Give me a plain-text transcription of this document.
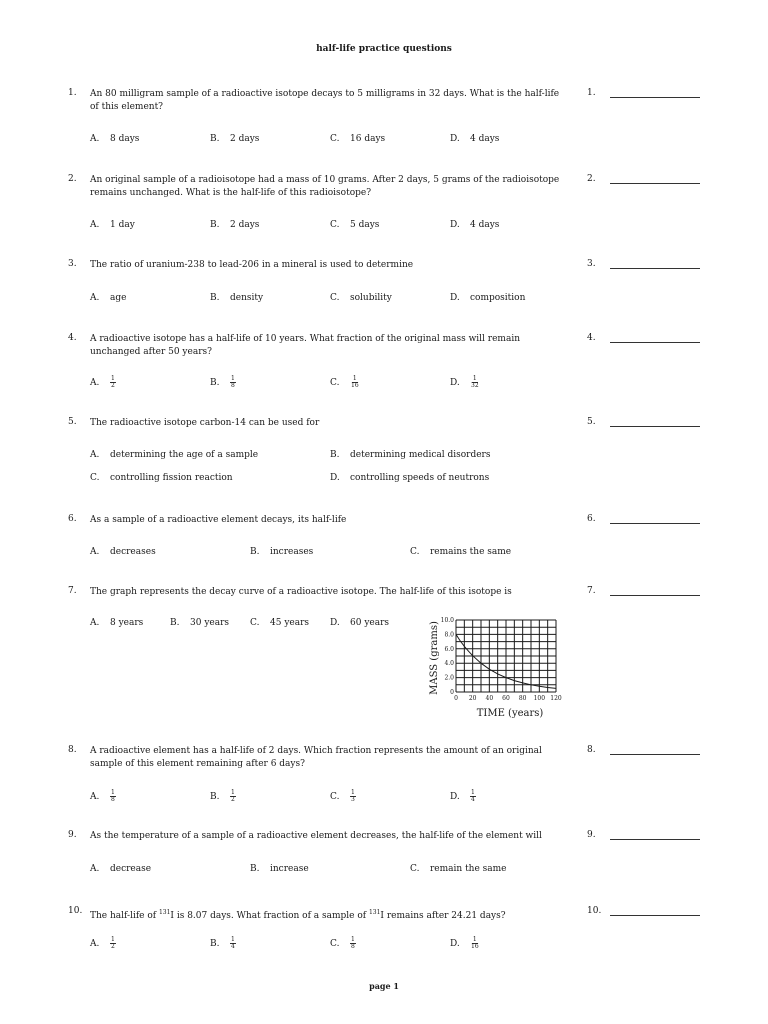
half-life practice questions
1. An 80 milligram sample of a radioactive isotope decays to 5 milligrams in 32 days. What is the half-life of this element?
1.
A. 8 days	B. 2 days	C. 16 days	D. 4 days
2. An original sample of a radioisotope had a mass of 10 grams. After 2 days, 5 grams of the radioisotope remains unchanged. What is the half-life of this radioisotope?
2.
A. 1 day	B. 2 days	C. 5 days	D. 4 days
3. The ratio of uranium-238 to lead-206 in a mineral is used to determine	3.
A. age	B. density	C. solubility	D. composition
4. A radioactive isotope has a half-life of 10 years. What fraction of the original mass will remain unchanged after 50 years?
4.
A. $\frac{1}{2}$	B. $\frac{1}{8}$	C. $\frac{1}{16}$	D. $\frac{1}{32}$
5. The radioactive isotope carbon-14 can be used for	5.
A. determining the age of a sample	B. determining medical disorders
C. controlling fission reaction	D. controlling speeds of neutrons
6. As a sample of a radioactive element decays, its half-life	6.
A. decreases	B. increases	C. remains the same
7. The graph represents the decay curve of a radioactive isotope. The half-life of this isotope is	7.
A. 8 years	B. 30 years C. 45 years D. 60 years
0 20 40 60 80 100 120
0
2.0
4.0
6.0
8.0
10.0
TIME (years)
MASS (grams)
8. A radioactive element has a half-life of 2 days. Which fraction represents the amount of an original sample of this element remaining after 6 days?
8.
A. $\frac{1}{8}$	B. $\frac{1}{2}$	C. $\frac{1}{3}$	D. $\frac{1}{4}$
9. As the temperature of a sample of a radioactive element decreases, the half-life of the element will	9.
A. decrease	B. increase	C. remain the same
10. The half-life of $^{131}$I is 8.07 days. What fraction of a sample of $^{131}$I remains after 24.21 days?	10.
A. $\frac{1}{2}$	B. $\frac{1}{4}$	C. $\frac{1}{8}$	D. $\frac{1}{16}$
page 1
